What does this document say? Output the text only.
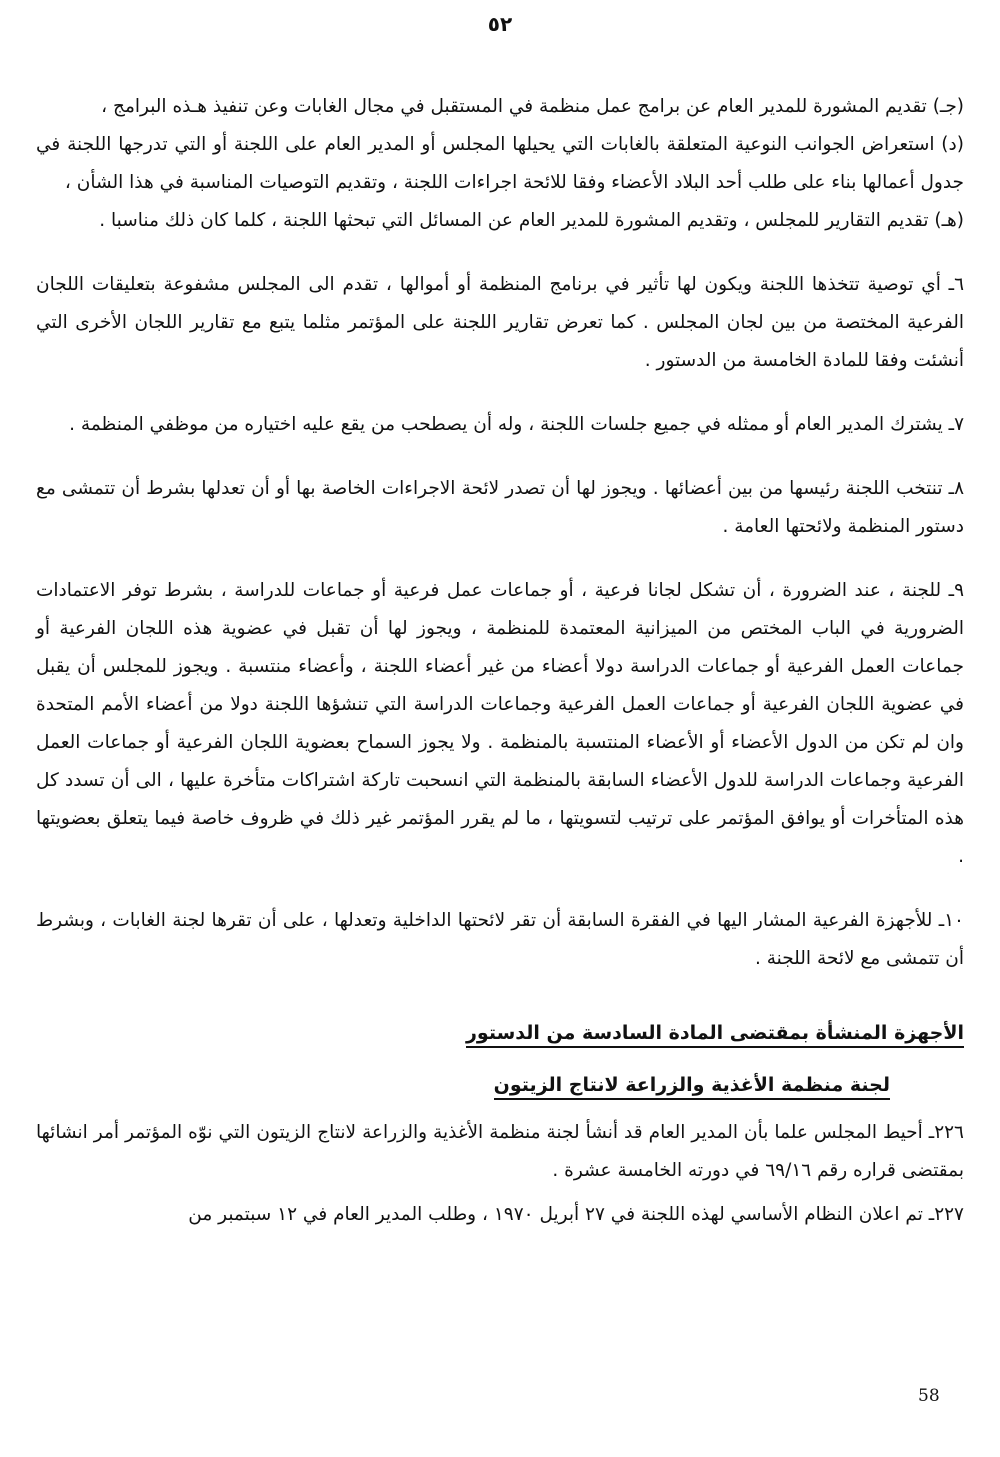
٥٢

(جـ) تقديم المشورة للمدير العام عن برامج عمل منظمة في المستقبل في مجال الغابات وعن تنفيذ هـذه البرامج ،

(د) استعراض الجوانب النوعية المتعلقة بالغابات التي يحيلها المجلس أو المدير العام على اللجنة أو التي تدرجها اللجنة في جدول أعمالها بناء على طلب أحد البلاد الأعضاء وفقا للائحة اجراءات اللجنة ، وتقديم التوصيات المناسبة في هذا الشأن ،

(هـ) تقديم التقارير للمجلس ، وتقديم المشورة للمدير العام عن المسائل التي تبحثها اللجنة ، كلما كان ذلك مناسبا .

٦ـ أي توصية تتخذها اللجنة ويكون لها تأثير في برنامج المنظمة أو أموالها ، تقدم الى المجلس مشفوعة بتعليقات اللجان الفرعية المختصة من بين لجان المجلس . كما تعرض تقارير اللجنة على المؤتمر مثلما يتبع مع تقارير اللجان الأخرى التي أنشئت وفقا للمادة الخامسة من الدستور .

٧ـ يشترك المدير العام أو ممثله في جميع جلسات اللجنة ، وله أن يصطحب من يقع عليه اختياره من موظفي المنظمة .

٨ـ تنتخب اللجنة رئيسها من بين أعضائها . ويجوز لها أن تصدر لائحة الاجراءات الخاصة بها أو أن تعدلها بشرط أن تتمشى مع دستور المنظمة ولائحتها العامة .

٩ـ للجنة ، عند الضرورة ، أن تشكل لجانا فرعية ، أو جماعات عمل فرعية أو جماعات للدراسة ، بشرط توفر الاعتمادات الضرورية في الباب المختص من الميزانية المعتمدة للمنظمة ، ويجوز لها أن تقبل في عضوية هذه اللجان الفرعية أو جماعات العمل الفرعية أو جماعات الدراسة دولا أعضاء من غير أعضاء اللجنة ، وأعضاء منتسبة . ويجوز للمجلس أن يقبل في عضوية اللجان الفرعية أو جماعات العمل الفرعية وجماعات الدراسة التي تنشؤها اللجنة دولا من أعضاء الأمم المتحدة وان لم تكن من الدول الأعضاء أو الأعضاء المنتسبة بالمنظمة . ولا يجوز السماح بعضوية اللجان الفرعية أو جماعات العمل الفرعية وجماعات الدراسة للدول الأعضاء السابقة بالمنظمة التي انسحبت تاركة اشتراكات متأخرة عليها ، الى أن تسدد كل هذه المتأخرات أو يوافق المؤتمر على ترتيب لتسويتها ، ما لم يقرر المؤتمر غير ذلك في ظروف خاصة فيما يتعلق بعضويتها .

١٠ـ للأجهزة الفرعية المشار اليها في الفقرة السابقة أن تقر لائحتها الداخلية وتعدلها ، على أن تقرها لجنة الغابات ، وبشرط أن تتمشى مع لائحة اللجنة .

الأجهزة المنشأة بمقتضى المادة السادسة من الدستور
لجنة منظمة الأغذية والزراعة لانتاج الزيتون

٢٢٦ـ أحيط المجلس علما بأن المدير العام قد أنشأ لجنة منظمة الأغذية والزراعة لانتاج الزيتون التي نوّه المؤتمر أمر انشائها بمقتضى قراره رقم ٦٩/١٦ في دورته الخامسة عشرة .

٢٢٧ـ تم اعلان النظام الأساسي لهذه اللجنة في ٢٧ أبريل ١٩٧٠ ، وطلب المدير العام في ١٢ سبتمبر من

58
